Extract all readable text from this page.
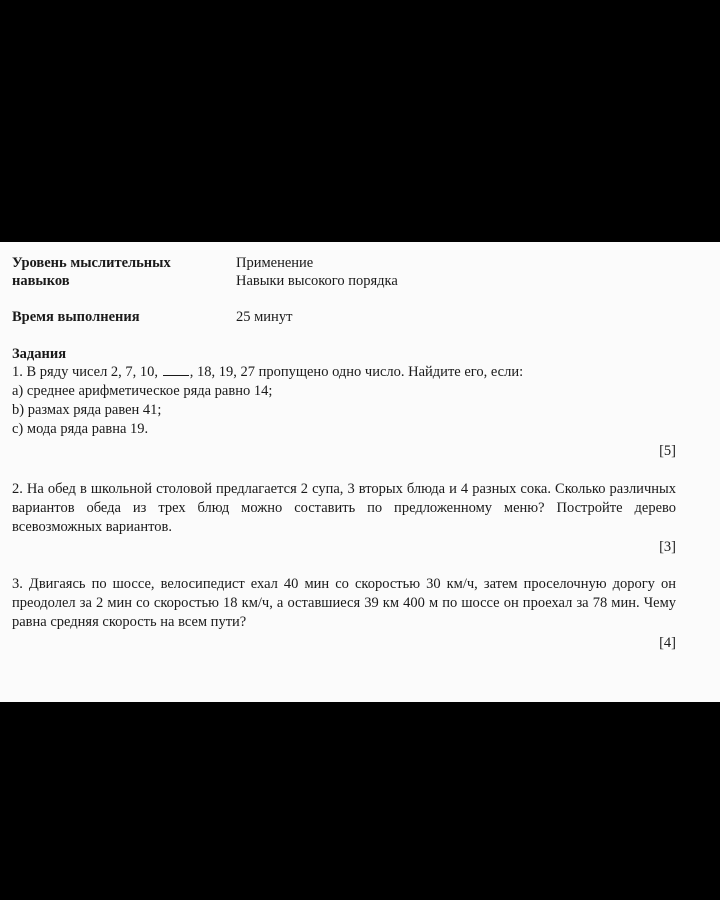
Уровень мыслительных навыков
Применение
Навыки высокого порядка
Время выполнения	25 минут
Задания
1. В ряду чисел 2, 7, 10, , 18, 19, 27 пропущено одно число. Найдите его, если:
а) среднее арифметическое ряда равно 14;
b) размах ряда равен 41;
с) мода ряда равна 19.
[5]
2. На обед в школьной столовой предлагается 2 супа, 3 вторых блюда и 4 разных сока. Сколько различных вариантов обеда из трех блюд можно составить по предложенному меню? Постройте дерево всевозможных вариантов.
[3]
3. Двигаясь по шоссе, велосипедист ехал 40 мин со скоростью 30 км/ч, затем проселочную дорогу он преодолел за 2 мин со скоростью 18 км/ч, а оставшиеся 39 км 400 м по шоссе он проехал за 78 мин. Чему равна средняя скорость на всем пути?
[4]
